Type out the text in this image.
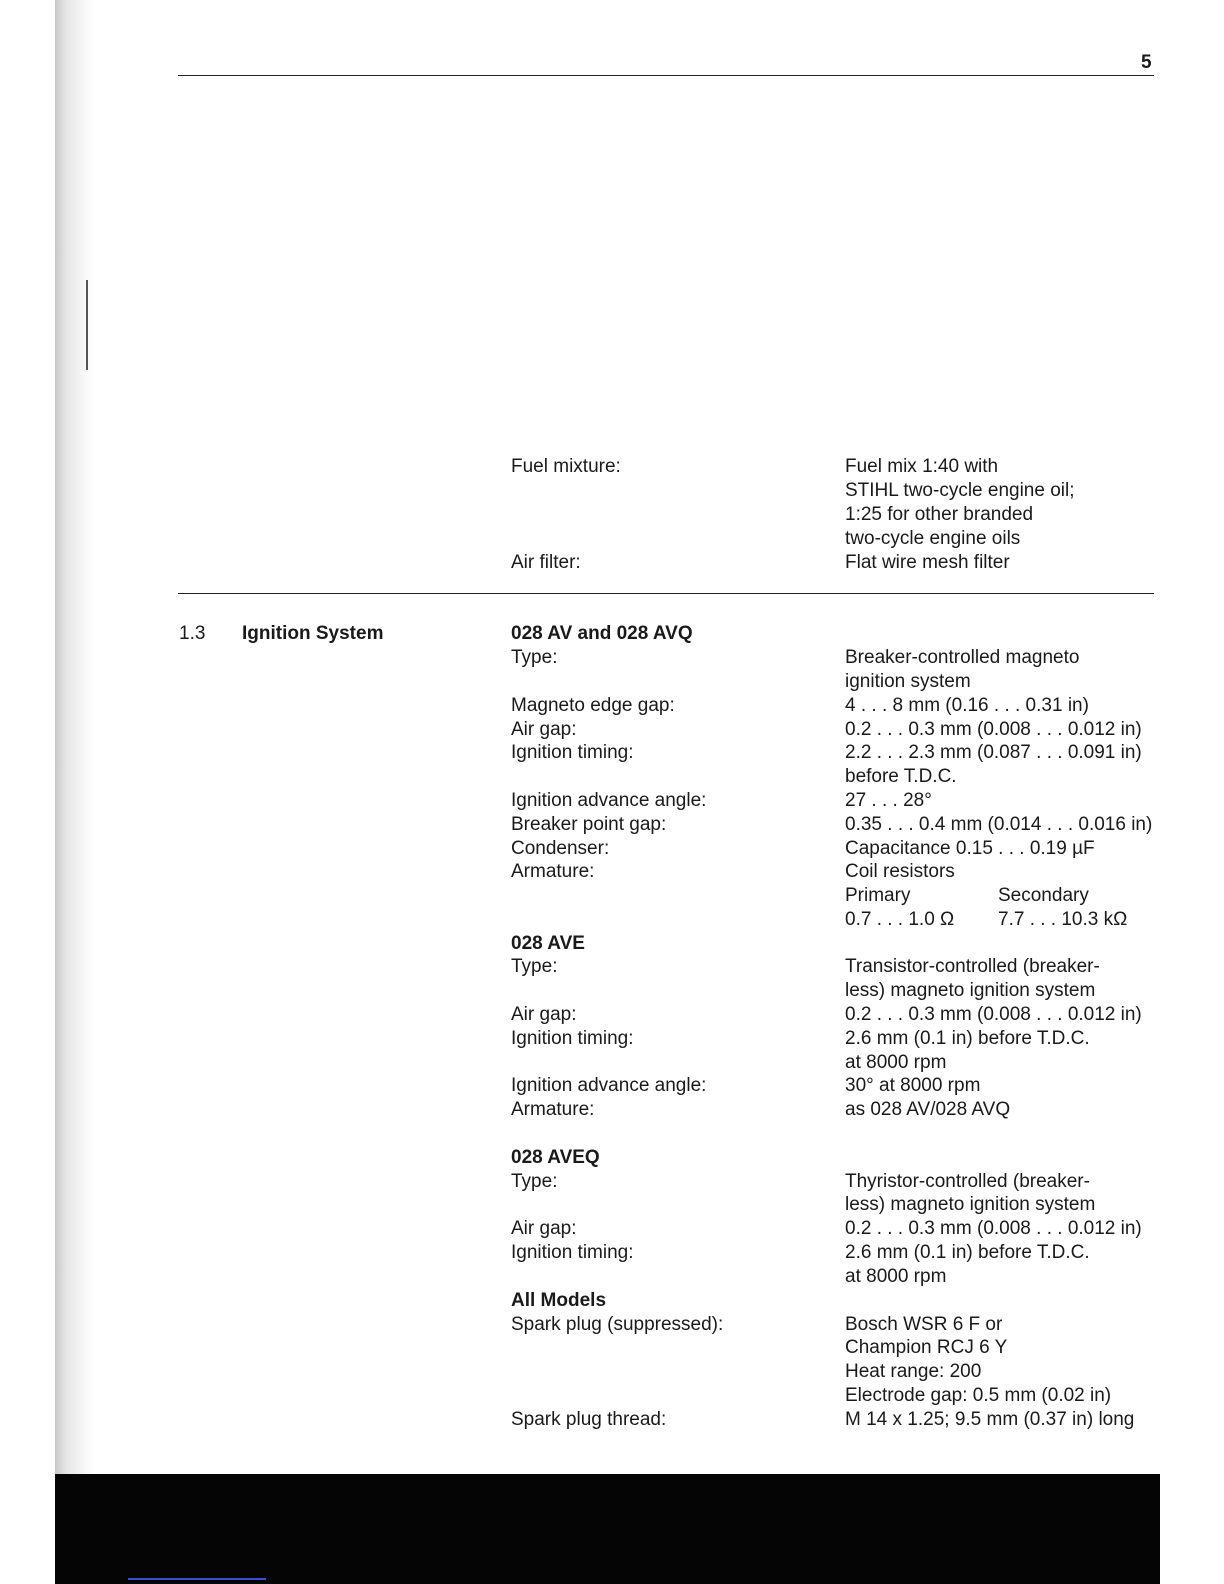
5
Fuel mixture:	Fuel mix 1:40 with
STIHL two-cycle engine oil;
1:25 for other branded
two-cycle engine oils
Air filter:	Flat wire mesh filter
1.3 Ignition System	028 AV and 028 AVQ
Type:	Breaker-controlled magneto
ignition system
Magneto edge gap:	4 . . . 8 mm (0.16 . . . 0.31 in)
Air gap:	0.2 . . . 0.3 mm (0.008 . . . 0.012 in)
Ignition timing:	2.2 . . . 2.3 mm (0.087 . . . 0.091 in)
before T.D.C.
Ignition advance angle:	27 . . . 28°
Breaker point gap:	0.35 . . . 0.4 mm (0.014 . . . 0.016 in)
Condenser:	Capacitance 0.15 . . . 0.19 µF
Armature:	Coil resistors
Primary	Secondary
0.7 . . . 1.0 Ω 7.7 . . . 10.3 kΩ
028 AVE
Type:	Transistor-controlled (breaker-
less) magneto ignition system
Air gap:	0.2 . . . 0.3 mm (0.008 . . . 0.012 in)
Ignition timing:	2.6 mm (0.1 in) before T.D.C.
at 8000 rpm
Ignition advance angle:	30° at 8000 rpm
Armature:	as 028 AV/028 AVQ
028 AVEQ
Type:	Thyristor-controlled (breaker-
less) magneto ignition system
Air gap:	0.2 . . . 0.3 mm (0.008 . . . 0.012 in)
Ignition timing:	2.6 mm (0.1 in) before T.D.C.
at 8000 rpm
All Models
Spark plug (suppressed):	Bosch WSR 6 F or
Champion RCJ 6 Y
Heat range: 200
Electrode gap: 0.5 mm (0.02 in)
Spark plug thread:	M 14 x 1.25; 9.5 mm (0.37 in) long
